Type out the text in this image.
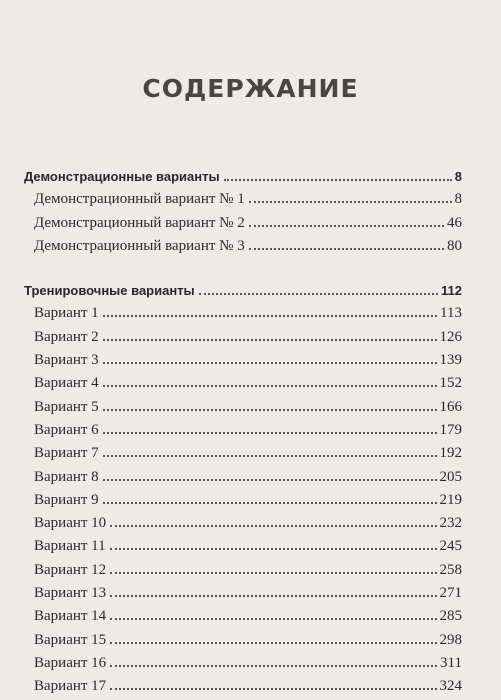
СОДЕРЖАНИЕ
Демонстрационные варианты	8
Демонстрационный вариант № 1	8
Демонстрационный вариант № 2	46
Демонстрационный вариант № 3	80
Тренировочные варианты	112
Вариант 1	113
Вариант 2	126
Вариант 3	139
Вариант 4	152
Вариант 5	166
Вариант 6	179
Вариант 7	192
Вариант 8	205
Вариант 9	219
Вариант 10	232
Вариант 11	245
Вариант 12	258
Вариант 13	271
Вариант 14	285
Вариант 15	298
Вариант 16	311
Вариант 17	324
